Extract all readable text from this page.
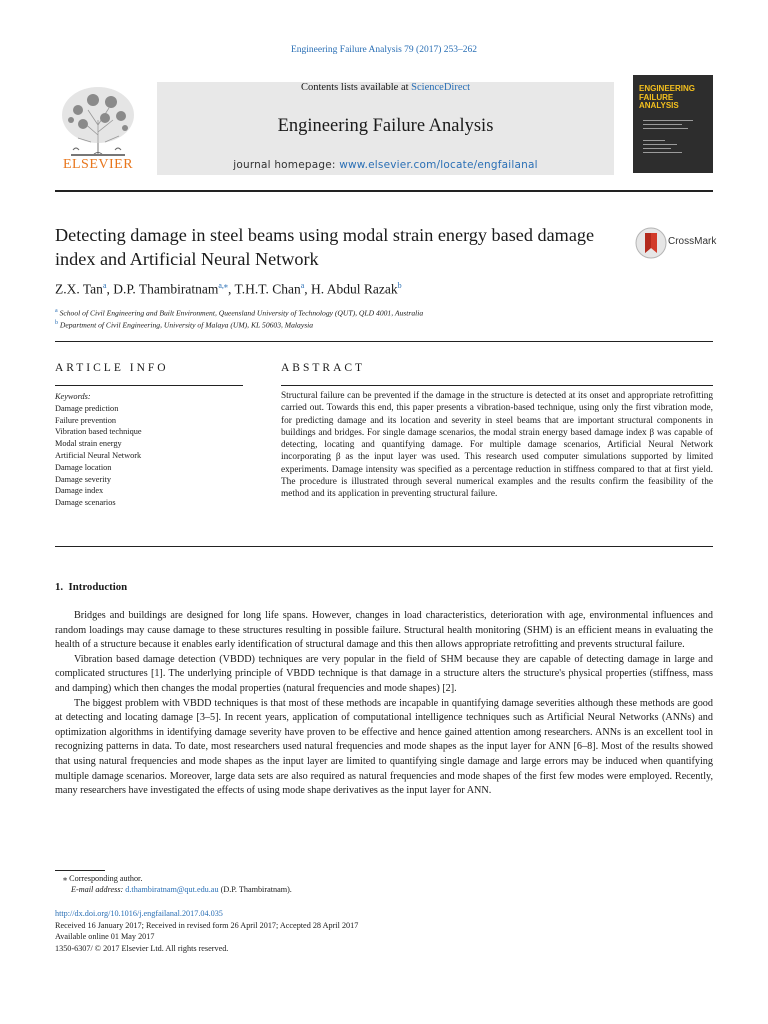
Engineering Failure Analysis 79 (2017) 253–262
ELSEVIER
Contents lists available at ScienceDirect
Engineering Failure Analysis
journal homepage: www.elsevier.com/locate/engfailanal
ENGINEERING FAILURE ANALYSIS
Detecting damage in steel beams using modal strain energy based damage index and Artificial Neural Network
CrossMark
Z.X. Tan$^a$, D.P. Thambiratnam$^{a,⁎}$, T.H.T. Chan$^a$, H. Abdul Razak$^b$
$^a$ School of Civil Engineering and Built Environment, Queensland University of Technology (QUT), QLD 4001, Australia
$^b$ Department of Civil Engineering, University of Malaya (UM), KL 50603, Malaysia
ARTICLE INFO	ABSTRACT
Keywords:
Damage prediction
Failure prevention
Vibration based technique
Modal strain energy
Artificial Neural Network
Damage location
Damage severity
Damage index
Damage scenarios
Structural failure can be prevented if the damage in the structure is detected at its onset and appropriate retrofitting carried out. Towards this end, this paper presents a vibration-based technique, using only the first vibration mode, for predicting damage and its location and severity in steel beams that are important structural components in buildings and bridges. For single damage scenarios, the modal strain energy based damage index β was capable of detecting, locating and quantifying damage. For multiple damage scenarios, Artificial Neural Network incorporating β as the input layer was used. This research used computer simulations supported by limited experiments. Damage intensity was specified as a percentage reduction in stiffness compared to that at first yield. The procedure is illustrated through several numerical examples and the results confirm the feasibility of the method and its application in preventing structural failure.
1. Introduction

Bridges and buildings are designed for long life spans. However, changes in load characteristics, deterioration with age, environmental influences and random loadings may cause damage to these structures resulting in possible failure. Structural health monitoring (SHM) is an efficient means in evaluating the health of a structure because it enables early identification of structural damage and this then allows appropriate retrofitting and prevents structural failure.

Vibration based damage detection (VBDD) techniques are very popular in the field of SHM because they are capable of detecting damage in large and complicated structures [1]. The underlying principle of VBDD technique is that damage in a structure alters the structure's physical properties (stiffness, mass and damping) which then changes the modal properties (natural frequencies and mode shapes) [2].

The biggest problem with VBDD techniques is that most of these methods are incapable in quantifying damage severities although these methods are good at detecting and locating damage [3–5]. In recent years, application of computational intelligence techniques such as Artificial Neural Networks (ANNs) and optimization algorithms in identifying damage severity have proven to be effective and hence gained attention among researchers. ANNs is an excellent tool in recognizing patterns in data. To date, most researchers used natural frequencies and mode shapes as the input layer for ANN [6–8]. Most of the results showed that using natural frequencies and mode shapes as the input layer are limited to quantifying single damage and large errors may be induced when quantifying multiple damage scenarios. Moreover, large data sets are also required as natural frequencies and mode shapes of the first few modes were employed. Recently, many researchers have investigated the effects of using mode shape derivatives as the input layer for ANN.

⁎ Corresponding author.
E-mail address: d.thambiratnam@qut.edu.au (D.P. Thambiratnam).
http://dx.doi.org/10.1016/j.engfailanal.2017.04.035
Received 16 January 2017; Received in revised form 26 April 2017; Accepted 28 April 2017
Available online 01 May 2017
1350-6307/ © 2017 Elsevier Ltd. All rights reserved.
